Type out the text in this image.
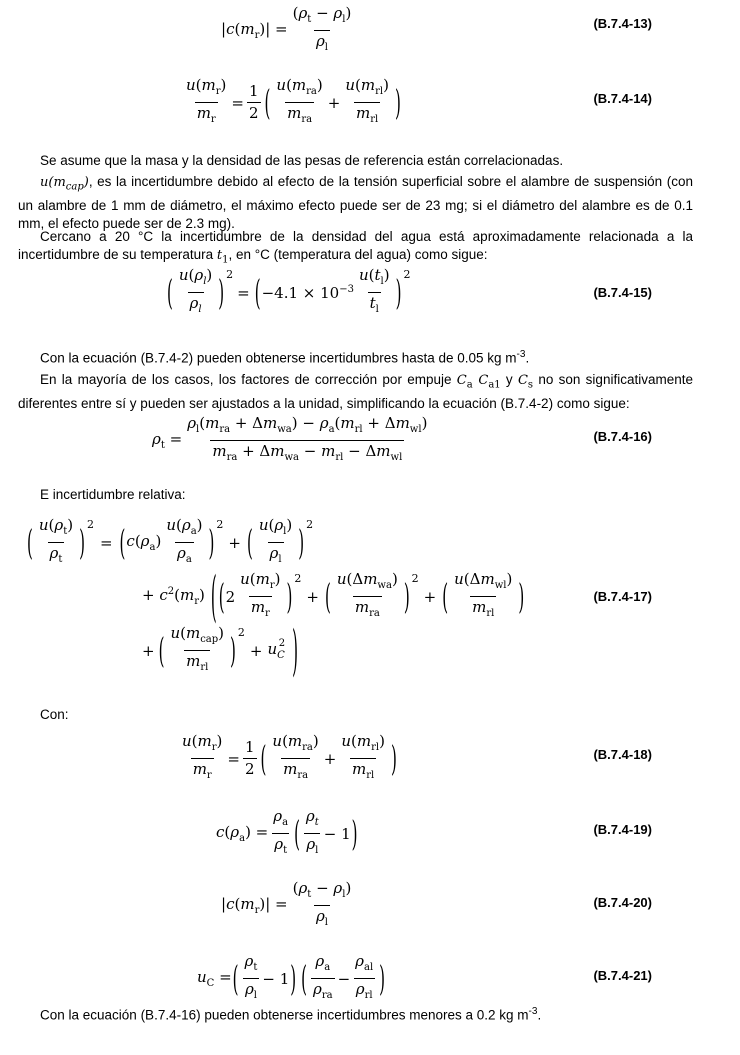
$|c(m_r)| = \frac{(\rho_t - \rho_l)}{\rho_l}$	(B.7.4-13)
$\frac{u(m_r)}{m_r} = \frac{1}{2}$ ( $\frac{u(m_{ra})}{m_{ra}} + \frac{u(m_{rl})}{m_{rl}}$ )	(B.7.4-14)
Se asume que la masa y la densidad de las pesas de referencia están correlacionadas.
$u(m_{cap})$, es la incertidumbre debido al efecto de la tensión superficial sobre el alambre de suspensión (con un alambre de 1 mm de diámetro, el máximo efecto puede ser de 23 mg; si el diámetro del alambre es de 0.1 mm, el efecto puede ser de 2.3 mg).
Cercano a 20 °C la incertidumbre de la densidad del agua está aproximadamente relacionada a la incertidumbre de su temperatura $t_1$, en °C (temperatura del agua) como sigue:
( $\frac{u(\rho_l)}{\rho_l}$ ) 2
= ( $-4.1 \times 10^{-3} \frac{u(t_l)}{t_l}$ ) 2
(B.7.4-15)
Con la ecuación (B.7.4-2) pueden obtenerse incertidumbres hasta de 0.05 kg $m^{-3}$.
En la mayoría de los casos, los factores de corrección por empuje $C_a$ $C_{a1}$ y $C_s$ no son significativamente diferentes entre sí y pueden ser ajustados a la unidad, simplificando la ecuación (B.7.4-2) como sigue:
$\rho_t = \frac{\rho_l(m_{ra} + \Delta m_{wa}) - \rho_a(m_{rl} + \Delta m_{wl})}{m_{ra} + \Delta m_{wa} - m_{rl} - \Delta m_{wl}}$	(B.7.4-16)
E incertidumbre relativa:
( $\frac{u(\rho_t)}{\rho_t}$ ) 2
= ( $c(\rho_a) \frac{u(\rho_a)}{\rho_a}$ ) 2
+ ( $\frac{u(\rho_l)}{\rho_l}$ ) 2
+ $c^2(m_r)$ ( ( $2 \frac{u(m_r)}{m_r}$ ) 2
+ ( $\frac{u(\Delta m_{wa})}{m_{ra}}$ ) 2
+ ( $\frac{u(\Delta m_{wl})}{m_{rl}}$ )	(B.7.4-17)
+ ( $\frac{u(m_{cap})}{m_{rl}}$ ) 2
+ $u_C^2$ )
Con:
$\frac{u(m_r)}{m_r} = \frac{1}{2}$ ( $\frac{u(m_{ra})}{m_{ra}} + \frac{u(m_{rl})}{m_{rl}}$ )	(B.7.4-18)
$c(\rho_a) = \frac{\rho_a}{\rho_t}$ ( $\frac{\rho_t}{\rho_l} - 1$ )	(B.7.4-19)
$|c(m_r)| = \frac{(\rho_t - \rho_l)}{\rho_l}$	(B.7.4-20)
$u_C$ = ( $\frac{\rho_t}{\rho_l} - 1$ ) ( $\frac{\rho_a}{\rho_{ra}} - \frac{\rho_{al}}{\rho_{rl}}$ )	(B.7.4-21)
Con la ecuación (B.7.4-16) pueden obtenerse incertidumbres menores a 0.2 kg $m^{-3}$.
